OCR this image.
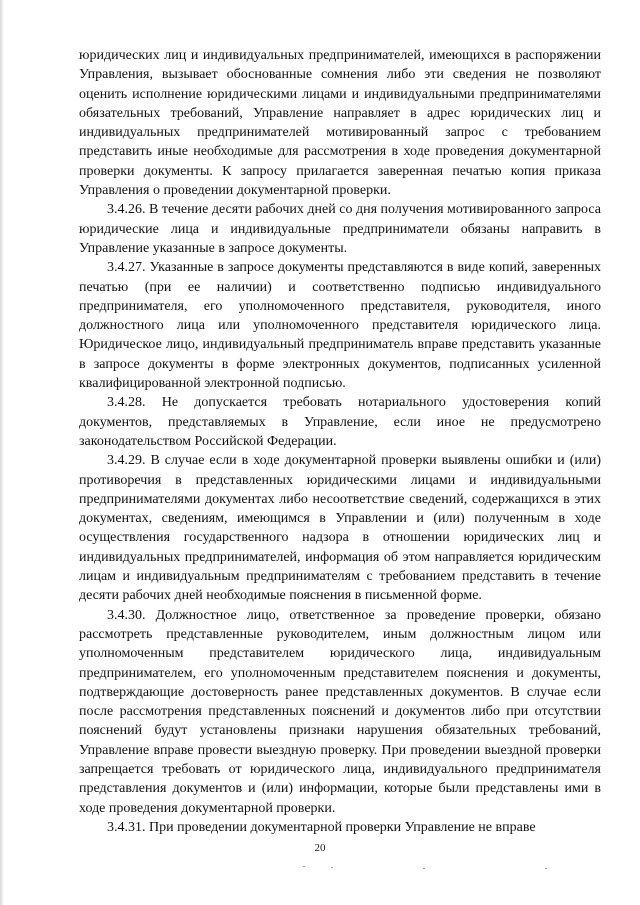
юридических лиц и индивидуальных предпринимателей, имеющихся в распоряжении Управления, вызывает обоснованные сомнения либо эти сведения не позволяют оценить исполнение юридическими лицами и индивидуальными предпринимателями обязательных требований, Управление направляет в адрес юридических лиц и индивидуальных предпринимателей мотивированный запрос с требованием представить иные необходимые для рассмотрения в ходе проведения документарной проверки документы. К запросу прилагается заверенная печатью копия приказа Управления о проведении документарной проверки.

3.4.26. В течение десяти рабочих дней со дня получения мотивированного запроса юридические лица и индивидуальные предприниматели обязаны направить в Управление указанные в запросе документы.

3.4.27. Указанные в запросе документы представляются в виде копий, заверенных печатью (при ее наличии) и соответственно подписью индивидуального предпринимателя, его уполномоченного представителя, руководителя, иного должностного лица или уполномоченного представителя юридического лица. Юридическое лицо, индивидуальный предприниматель вправе представить указанные в запросе документы в форме электронных документов, подписанных усиленной квалифицированной электронной подписью.

3.4.28. Не допускается требовать нотариального удостоверения копий документов, представляемых в Управление, если иное не предусмотрено законодательством Российской Федерации.

3.4.29. В случае если в ходе документарной проверки выявлены ошибки и (или) противоречия в представленных юридическими лицами и индивидуальными предпринимателями документах либо несоответствие сведений, содержащихся в этих документах, сведениям, имеющимся в Управлении и (или) полученным в ходе осуществления государственного надзора в отношении юридических лиц и индивидуальных предпринимателей, информация об этом направляется юридическим лицам и индивидуальным предпринимателям с требованием представить в течение десяти рабочих дней необходимые пояснения в письменной форме.

3.4.30. Должностное лицо, ответственное за проведение проверки, обязано рассмотреть представленные руководителем, иным должностным лицом или уполномоченным представителем юридического лица, индивидуальным предпринимателем, его уполномоченным представителем пояснения и документы, подтверждающие достоверность ранее представленных документов. В случае если после рассмотрения представленных пояснений и документов либо при отсутствии пояснений будут установлены признаки нарушения обязательных требований, Управление вправе провести выездную проверку. При проведении выездной проверки запрещается требовать от юридического лица, индивидуального предпринимателя представления документов и (или) информации, которые были представлены ими в ходе проведения документарной проверки.

3.4.31. При проведении документарной проверки Управление не вправе

20
